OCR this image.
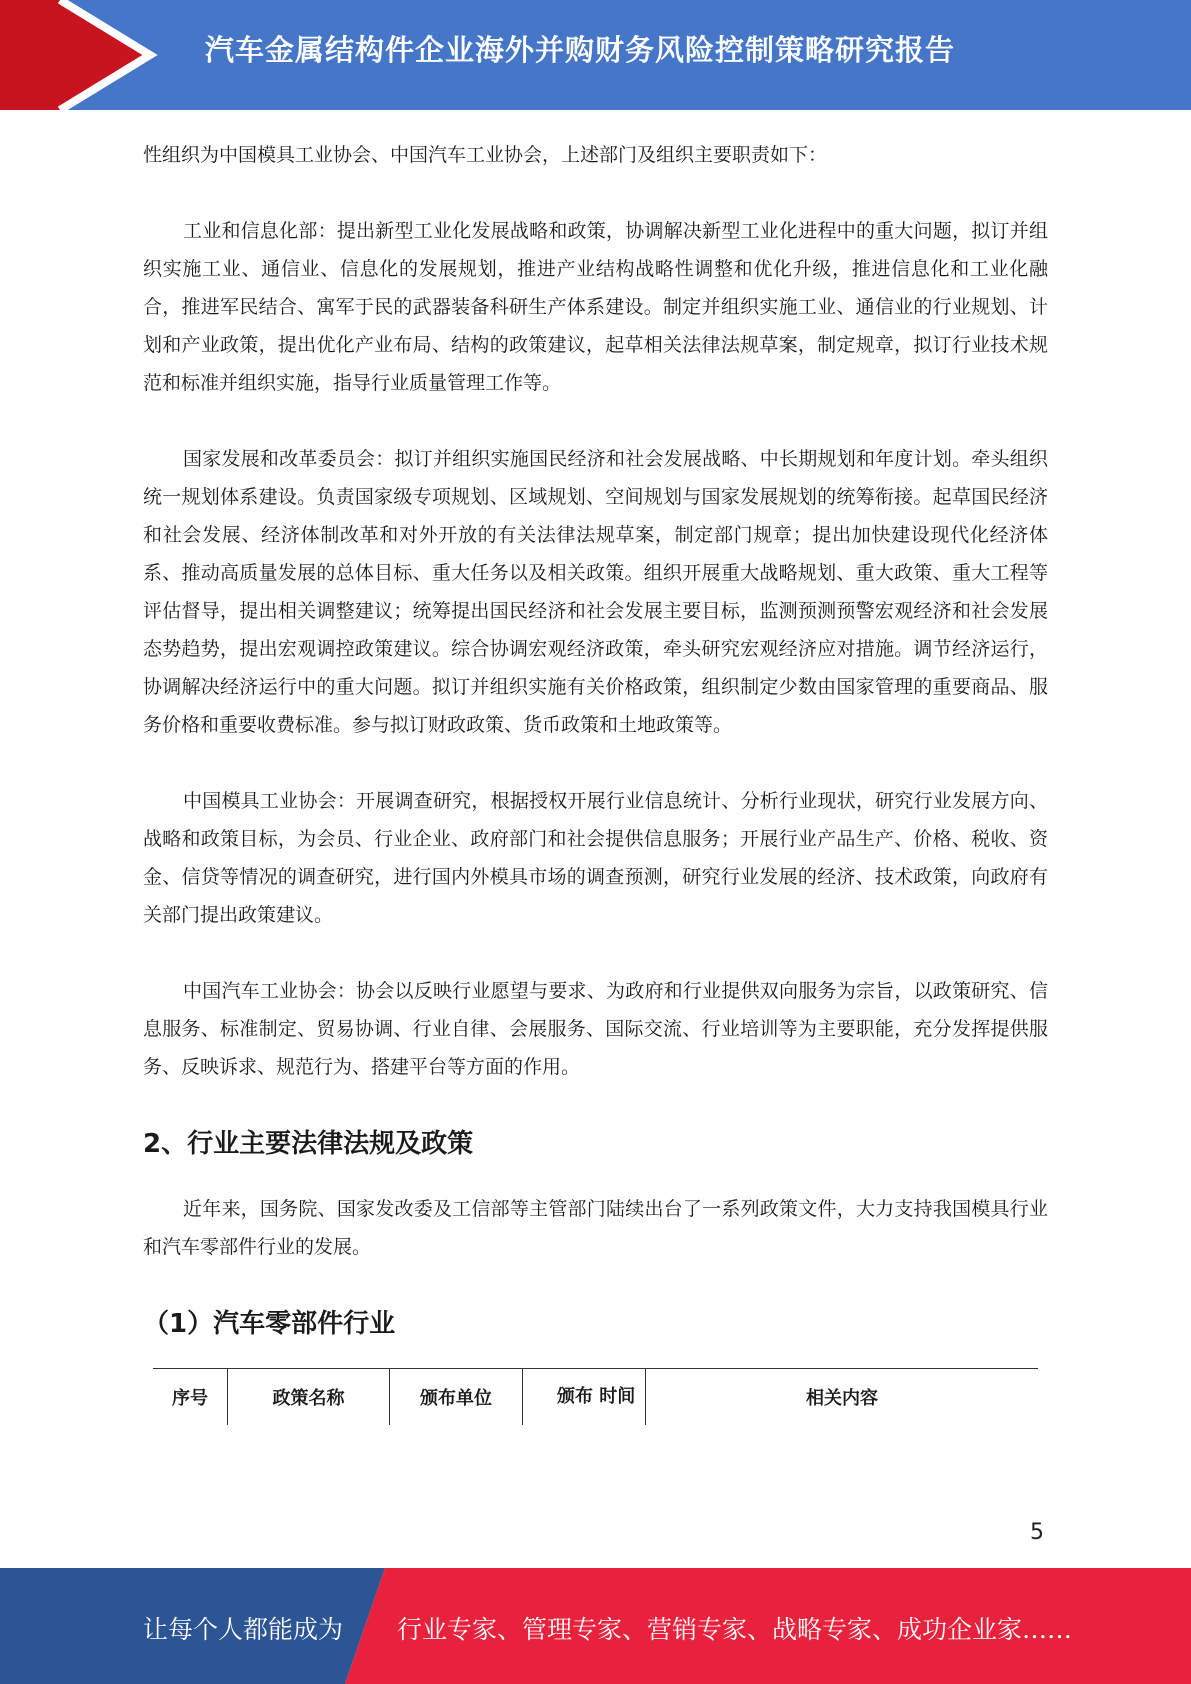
汽车金属结构件企业海外并购财务风险控制策略研究报告

性组织为中国模具工业协会、中国汽车工业协会，上述部门及组织主要职责如下：

工业和信息化部：提出新型工业化发展战略和政策，协调解决新型工业化进程中的重大问题，拟订并组织实施工业、通信业、信息化的发展规划，推进产业结构战略性调整和优化升级，推进信息化和工业化融合，推进军民结合、寓军于民的武器装备科研生产体系建设。制定并组织实施工业、通信业的行业规划、计划和产业政策，提出优化产业布局、结构的政策建议，起草相关法律法规草案，制定规章，拟订行业技术规范和标准并组织实施，指导行业质量管理工作等。

国家发展和改革委员会：拟订并组织实施国民经济和社会发展战略、中长期规划和年度计划。牵头组织统一规划体系建设。负责国家级专项规划、区域规划、空间规划与国家发展规划的统筹衔接。起草国民经济和社会发展、经济体制改革和对外开放的有关法律法规草案，制定部门规章；提出加快建设现代化经济体系、推动高质量发展的总体目标、重大任务以及相关政策。组织开展重大战略规划、重大政策、重大工程等评估督导，提出相关调整建议；统筹提出国民经济和社会发展主要目标，监测预测预警宏观经济和社会发展态势趋势，提出宏观调控政策建议。综合协调宏观经济政策，牵头研究宏观经济应对措施。调节经济运行，协调解决经济运行中的重大问题。拟订并组织实施有关价格政策，组织制定少数由国家管理的重要商品、服务价格和重要收费标准。参与拟订财政政策、货币政策和土地政策等。

中国模具工业协会：开展调查研究，根据授权开展行业信息统计、分析行业现状，研究行业发展方向、战略和政策目标，为会员、行业企业、政府部门和社会提供信息服务；开展行业产品生产、价格、税收、资金、信贷等情况的调查研究，进行国内外模具市场的调查预测，研究行业发展的经济、技术政策，向政府有关部门提出政策建议。

中国汽车工业协会：协会以反映行业愿望与要求、为政府和行业提供双向服务为宗旨，以政策研究、信息服务、标准制定、贸易协调、行业自律、会展服务、国际交流、行业培训等为主要职能，充分发挥提供服务、反映诉求、规范行为、搭建平台等方面的作用。

2、行业主要法律法规及政策

近年来，国务院、国家发改委及工信部等主管部门陆续出台了一系列政策文件，大力支持我国模具行业和汽车零部件行业的发展。

（1）汽车零部件行业
序号	政策名称	颁布单位	颁布 时间	相关内容
5
让每个人都能成为 行业专家、管理专家、营销专家、战略专家、成功企业家……
